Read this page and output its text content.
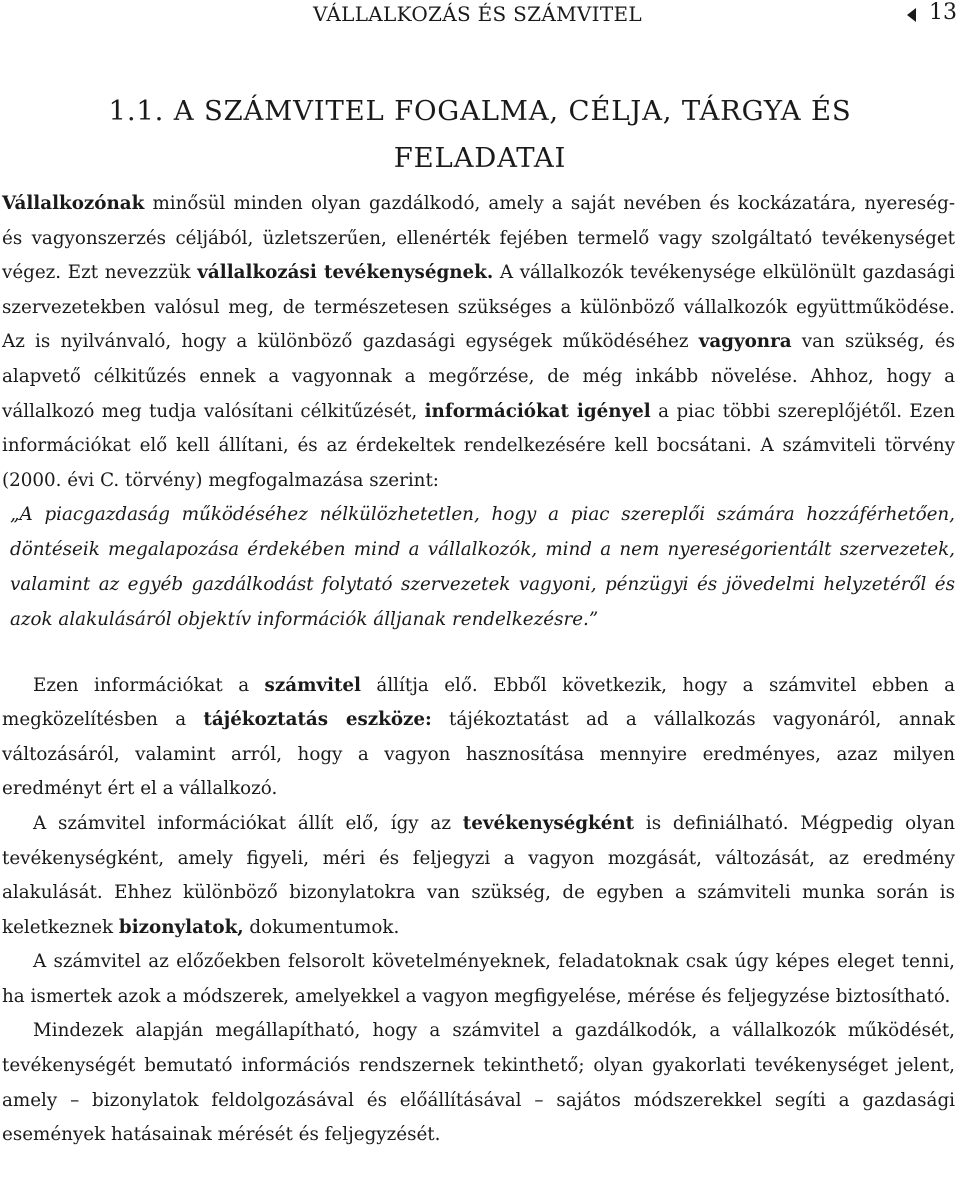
VÁLLALKOZÁS ÉS SZÁMVITEL	13
1.1. A SZÁMVITEL FOGALMA, CÉLJA, TÁRGYA ÉS
FELADATAI

Vállalkozónak minősül minden olyan gazdálkodó, amely a saját nevében és kockázatára, nyereség- és vagyonszerzés céljából, üzletszerűen, ellenérték fejében termelő vagy szolgáltató tevékenységet végez. Ezt nevezzük vállalkozási tevékenységnek. A vállalkozók tevékenysége elkülönült gazdasági szervezetekben valósul meg, de természetesen szükséges a különböző vállalkozók együttműködése. Az is nyilvánvaló, hogy a különböző gazdasági egységek működéséhez vagyonra van szükség, és alapvető célkitűzés ennek a vagyonnak a megőrzése, de még inkább növelése. Ahhoz, hogy a vállalkozó meg tudja valósítani célkitűzését, információkat igényel a piac többi szereplőjétől. Ezen információkat elő kell állítani, és az érdekeltek rendelkezésére kell bocsátani. A számviteli törvény (2000. évi C. törvény) megfogalmazása szerint:

„A piacgazdaság működéséhez nélkülözhetetlen, hogy a piac szereplői számára hozzáférhetően, döntéseik megalapozása érdekében mind a vállalkozók, mind a nem nyereségorientált szervezetek, valamint az egyéb gazdálkodást folytató szervezetek vagyoni, pénzügyi és jövedelmi helyzetéről és azok alakulásáról objektív információk álljanak rendelkezésre.”

Ezen információkat a számvitel állítja elő. Ebből következik, hogy a számvitel ebben a megközelítésben a tájékoztatás eszköze: tájékoztatást ad a vállalkozás vagyonáról, annak változásáról, valamint arról, hogy a vagyon hasznosítása mennyire eredményes, azaz milyen eredményt ért el a vállalkozó.

A számvitel információkat állít elő, így az tevékenységként is definiálható. Mégpedig olyan tevékenységként, amely figyeli, méri és feljegyzi a vagyon mozgását, változását, az eredmény alakulását. Ehhez különböző bizonylatokra van szükség, de egyben a számviteli munka során is keletkeznek bizonylatok, dokumentumok.

A számvitel az előzőekben felsorolt követelményeknek, feladatoknak csak úgy képes eleget tenni, ha ismertek azok a módszerek, amelyekkel a vagyon megfigyelése, mérése és feljegyzése biztosítható.

Mindezek alapján megállapítható, hogy a számvitel a gazdálkodók, a vállalkozók működését, tevékenységét bemutató információs rendszernek tekinthető; olyan gyakorlati tevékenységet jelent, amely – bizonylatok feldolgozásával és előállításával – sajátos módszerekkel segíti a gazdasági események hatásainak mérését és feljegyzését.
